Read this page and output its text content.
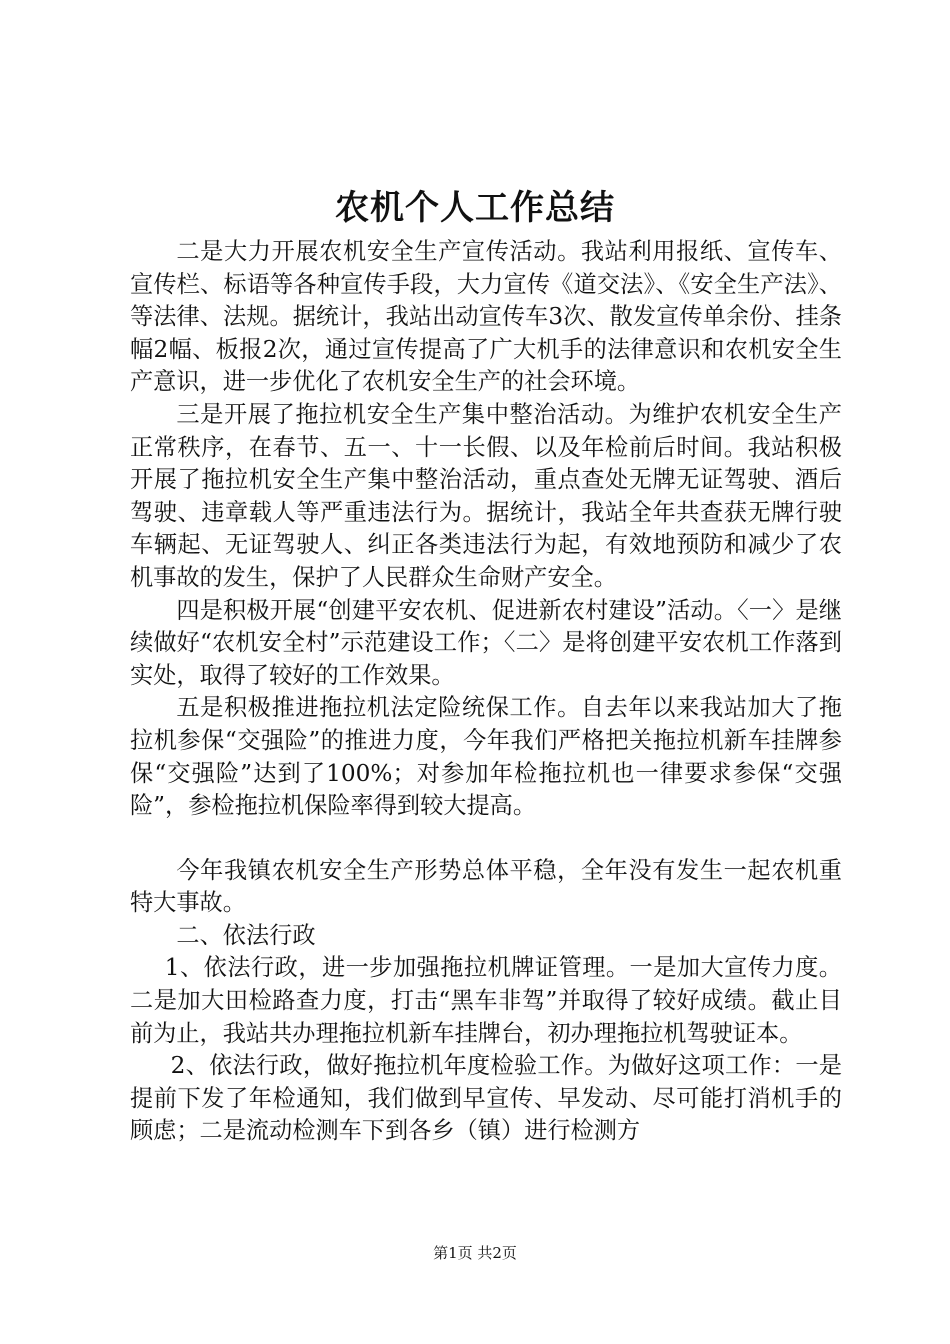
农机个人工作总结

二是大力开展农机安全生产宣传活动。我站利用报纸、宣传车、宣传栏、标语等各种宣传手段，大力宣传《道交法》、《安全生产法》、等法律、法规。据统计，我站出动宣传车3次、散发宣传单余份、挂条幅2幅、板报2次，通过宣传提高了广大机手的法律意识和农机安全生产意识，进一步优化了农机安全生产的社会环境。

三是开展了拖拉机安全生产集中整治活动。为维护农机安全生产正常秩序，在春节、五一、十一长假、以及年检前后时间。我站积极开展了拖拉机安全生产集中整治活动，重点查处无牌无证驾驶、酒后驾驶、违章载人等严重违法行为。据统计，我站全年共查获无牌行驶车辆起、无证驾驶人、纠正各类违法行为起，有效地预防和减少了农机事故的发生，保护了人民群众生命财产安全。

四是积极开展“创建平安农机、促进新农村建设”活动。〈一〉是继续做好“农机安全村”示范建设工作；〈二〉是将创建平安农机工作落到实处，取得了较好的工作效果。

五是积极推进拖拉机法定险统保工作。自去年以来我站加大了拖拉机参保“交强险”的推进力度，今年我们严格把关拖拉机新车挂牌参保“交强险”达到了100%；对参加年检拖拉机也一律要求参保“交强险”，参检拖拉机保险率得到较大提高。

今年我镇农机安全生产形势总体平稳，全年没有发生一起农机重特大事故。

二、依法行政

1、依法行政，进一步加强拖拉机牌证管理。一是加大宣传力度。二是加大田检路查力度，打击“黑车非驾”并取得了较好成绩。截止目前为止，我站共办理拖拉机新车挂牌台，初办理拖拉机驾驶证本。

2、依法行政，做好拖拉机年度检验工作。为做好这项工作：一是提前下发了年检通知，我们做到早宣传、早发动、尽可能打消机手的顾虑；二是流动检测车下到各乡（镇）进行检测方

第1页 共2页
